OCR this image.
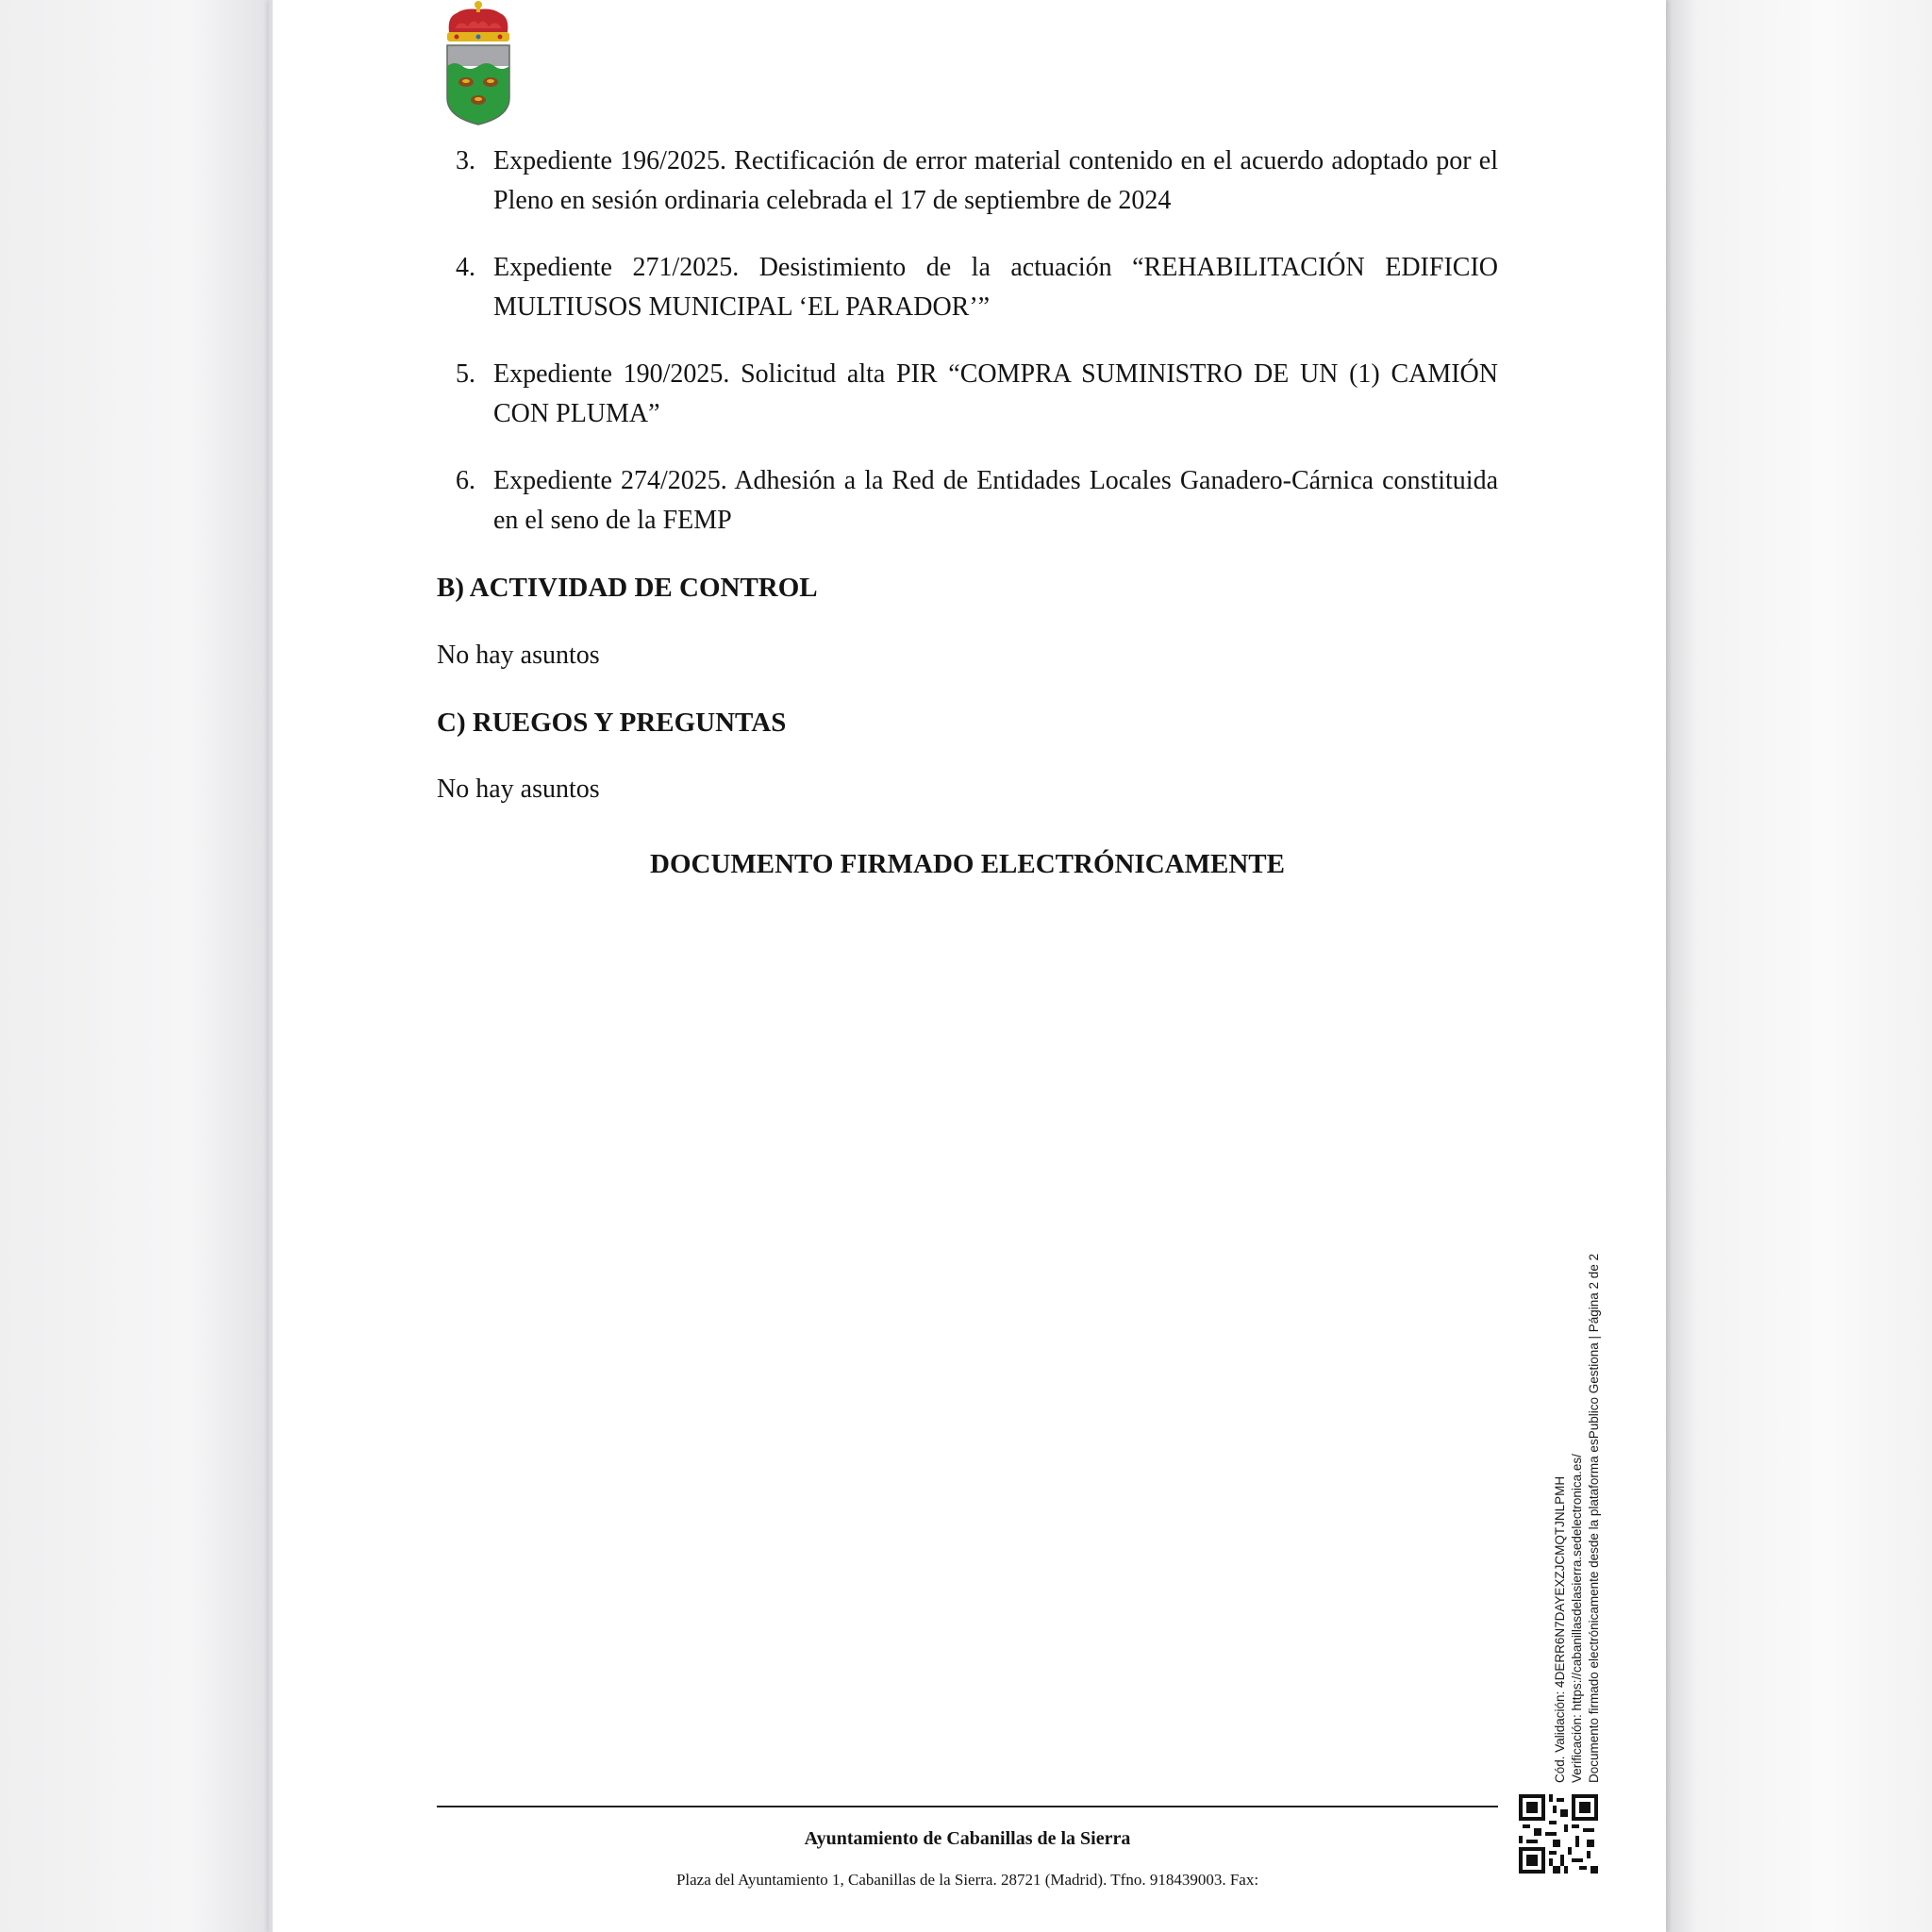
3. Expediente 196/2025. Rectificación de error material contenido en el acuerdo adoptado por el Pleno en sesión ordinaria celebrada el 17 de septiembre de 2024
4. Expediente 271/2025. Desistimiento de la actuación “REHABILITACIÓN EDIFICIO MULTIUSOS MUNICIPAL ‘EL PARADOR’”
5. Expediente 190/2025. Solicitud alta PIR “COMPRA SUMINISTRO DE UN (1) CAMIÓN CON PLUMA”
6. Expediente 274/2025. Adhesión a la Red de Entidades Locales Ganadero-Cárnica constituida en el seno de la FEMP
B) ACTIVIDAD DE CONTROL
No hay asuntos
C) RUEGOS Y PREGUNTAS
No hay asuntos
DOCUMENTO FIRMADO ELECTRÓNICAMENTE
Cód. Validación: 4DERR6N7DAYEXZJCMQTJNLPMH Verificación: https://cabanillasdelasierra.sedelectronica.es/ Documento firmado electrónicamente desde la plataforma esPublico Gestiona | Página 2 de 2
Ayuntamiento de Cabanillas de la Sierra
Plaza del Ayuntamiento 1, Cabanillas de la Sierra. 28721 (Madrid). Tfno. 918439003. Fax:
